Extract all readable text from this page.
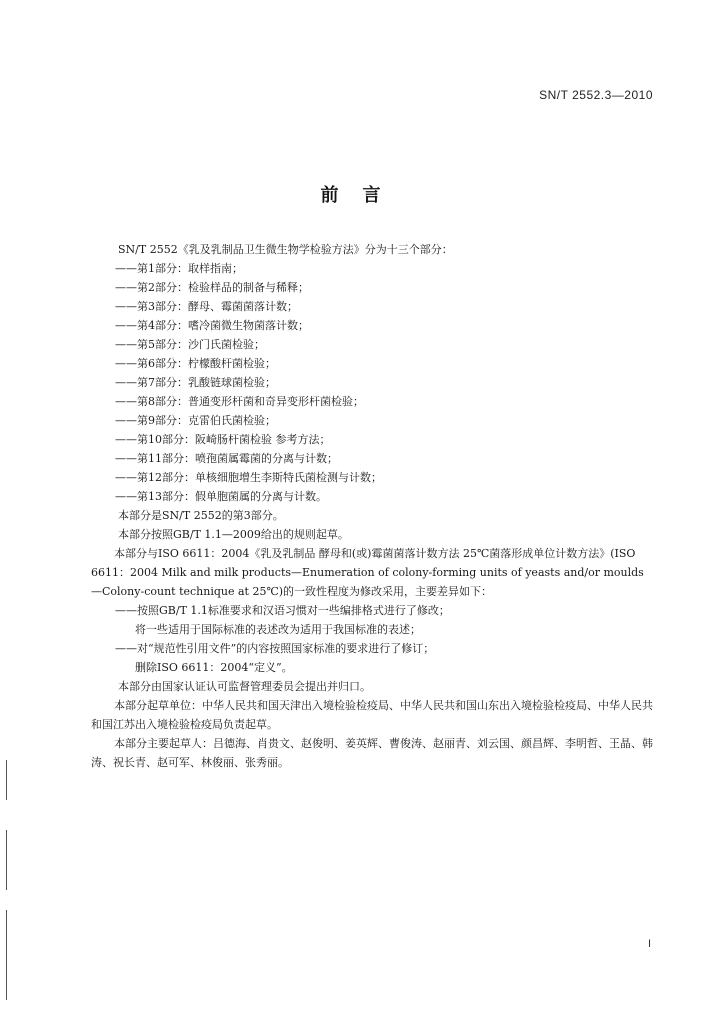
SN/T 2552.3—2010
前言
SN/T 2552《乳及乳制品卫生微生物学检验方法》分为十三个部分：
——第1部分：取样指南；
——第2部分：检验样品的制备与稀释；
——第3部分：酵母、霉菌菌落计数；
——第4部分：嗜冷菌微生物菌落计数；
——第5部分：沙门氏菌检验；
——第6部分：柠檬酸杆菌检验；
——第7部分：乳酸链球菌检验；
——第8部分：普通变形杆菌和奇异变形杆菌检验；
——第9部分：克雷伯氏菌检验；
——第10部分：阪崎肠杆菌检验 参考方法；
——第11部分：喷孢菌属霉菌的分离与计数；
——第12部分：单核细胞增生李斯特氏菌检测与计数；
——第13部分：假单胞菌属的分离与计数。
本部分是SN/T 2552的第3部分。
本部分按照GB/T 1.1—2009给出的规则起草。
本部分与ISO 6611：2004《乳及乳制品 酵母和(或)霉菌菌落计数方法 25℃菌落形成单位计数方法》(ISO 6611：2004 Milk and milk products—Enumeration of colony-forming units of yeasts and/or moulds—Colony-count technique at 25℃)的一致性程度为修改采用，主要差异如下：
——按照GB/T 1.1标准要求和汉语习惯对一些编排格式进行了修改；
将一些适用于国际标准的表述改为适用于我国标准的表述；
——对“规范性引用文件”的内容按照国家标准的要求进行了修订；
删除ISO 6611：2004“定义”。
本部分由国家认证认可监督管理委员会提出并归口。
本部分起草单位：中华人民共和国天津出入境检验检疫局、中华人民共和国山东出入境检验检疫局、中华人民共和国江苏出入境检验检疫局负责起草。
本部分主要起草人：吕德海、肖贵文、赵俊明、姜英辉、曹俊涛、赵丽青、刘云国、颜昌辉、李明哲、王晶、韩涛、祝长青、赵可军、林俊丽、张秀丽。
I
